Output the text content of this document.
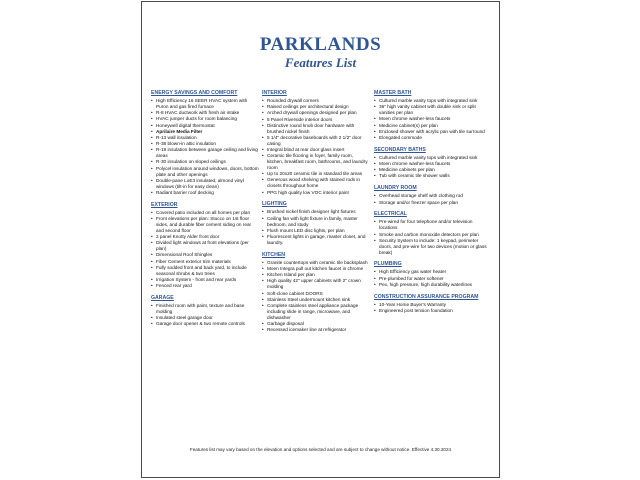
PARKLANDS
Features List
ENERGY SAVINGS AND COMFORT
• High Efficiency 16 SEER HVAC system with Puron and gas fired furnace
• R-8 HVAC ductwork with fresh air intake
• HVAC jumper ducts for room balancing
• Honeywell digital thermostat
• Aprilaire Media Filter
• R-13 wall insulation
• R-38 blown-in attic insulation
• R-19 insulation between garage ceiling and living areas
• R-30 insulation on sloped ceilings
• Polycel insulation around windows, doors, bottom plate and other openings
• Double-pane LoE3 insulated, almond vinyl windows (tilt-in for easy clean)
• Radiant barrier roof decking
EXTERIOR
• Covered patio included on all homes per plan
• Front elevations per plan: Stucco on 1st floor sides, and durable fiber cement siding on rear and second floor
• 2 panel Knotty Alder front door
• Divided light windows at front elevations (per plan)
• Dimensional Roof Shingles
• Fiber Cement exterior trim materials
• Fully sodded front and back yard, to include seasonal shrubs & two trees
• Irrigation System - front and rear yards
• Fenced rear yard
GARAGE
• Finished room with paint, texture and base molding
• Insulated steel garage door
• Garage door opener & two remote controls
INTERIOR
• Rounded drywall corners
• Raised ceilings per architectural design
• Arched drywall openings designed per plan
• 5 Panel Riverside interior doors
• Distinctive round knob door hardware with brushed nickel finish
• 5 1/4" decorative baseboards with 2 1/2" door casing
• Integral blind at rear door glass insert
• Ceramic tile flooring in foyer, family room, kitchen, breakfast room, bathrooms, and laundry room
• Up to 20x20 ceramic tile in standard tile areas
• Generous wood shelving with stained rods in closets throughout home
• PPG high quality low VOC interior paint
LIGHTING
• Brushed nickel finish designer light fixtures
• Ceiling fan with light fixture in family, master bedroom, and study
• Flush mount LED disc lights, per plan
• Fluorescent lights in garage, master closet, and laundry.
KITCHEN
• Granite countertops with ceramic tile backsplash
• Moen Integra pull out kitchen faucet in chrome
• Kitchen Island per plan
• High quality 42" upper cabinets with 2" crown molding
• Soft-close cabinet DOORS
• Stainless Steel undermount kitchen sink
• Complete stainless steel appliance package including slide in range, microwave, and dishwasher
• Garbage disposal
• Recessed icemaker line at refrigerator
MASTER BATH
• Cultured marble vanity tops with integrated sink
• 36" high vanity cabinet with double sink or split vanities per plan
• Moen chrome washer-less faucets
• Medicine cabinet(s) per plan
• Enclosed shower with acrylic pan with tile surround
• Elongated commode
SECONDARY BATHS
• Cultured marble vanity tops with integrated sink
• Moen chrome washer-less faucets
• Medicine cabinets per plan
• Tub with ceramic tile shower walls
LAUNDRY ROOM
• Overhead storage shelf with clothing rod
• Storage and/or freezer space per plan
ELECTRICAL
• Pre-wired for four telephone and/or television locations
• Smoke and carbon monoxide detectors per plan
• Security System to include: 1 keypad, perimeter doors, and pre-wire for two devices (motion or glass break)
PLUMBING
• High Efficiency gas water heater
• Pre-plumbed for water softener
• Pex, high pressure, high durability waterlines
CONSTRUCTION ASSURANCE PROGRAM
• 10-Year Home Buyer's Warranty
• Engineered post tension foundation
Features list may vary based on the elevation and options selected and are subject to change without notice. Effective 4.30.2024
